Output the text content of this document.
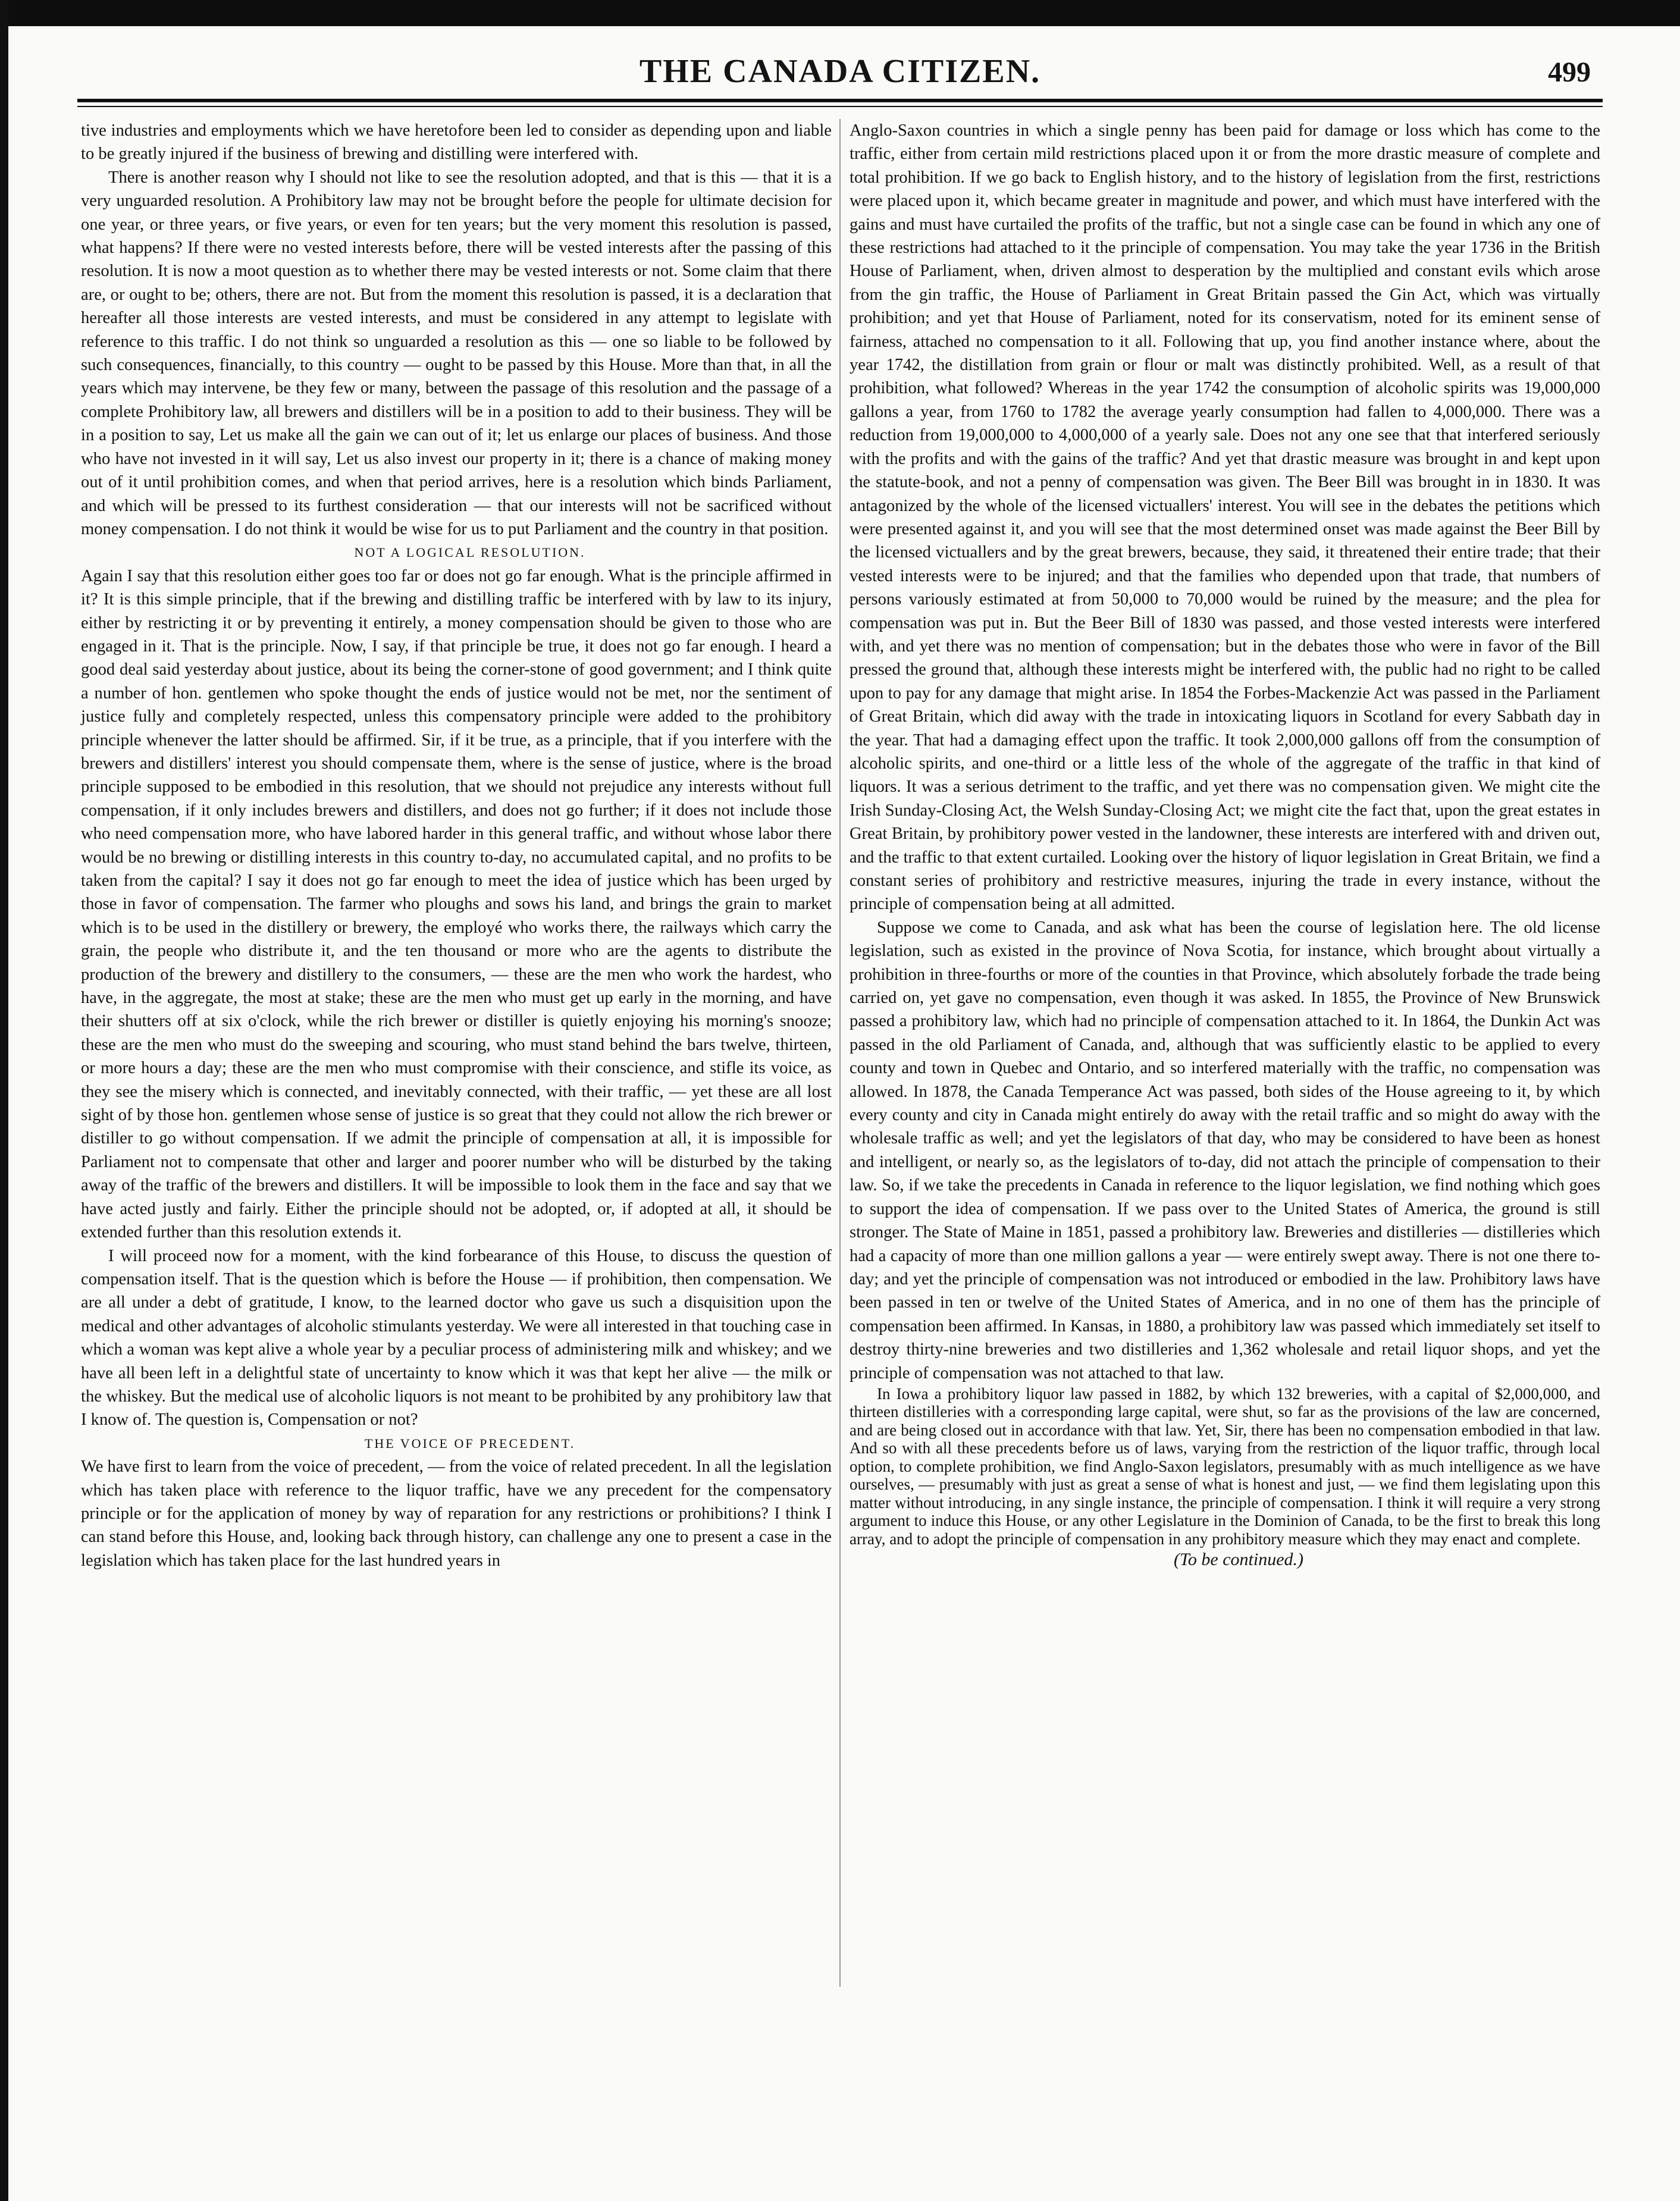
THE CANADA CITIZEN.	499

tive industries and employments which we have heretofore been led to consider as depending upon and liable to be greatly injured if the business of brewing and distilling were interfered with.

There is another reason why I should not like to see the resolution adopted, and that is this — that it is a very unguarded resolution. A Prohibitory law may not be brought before the people for ultimate decision for one year, or three years, or five years, or even for ten years; but the very moment this resolution is passed, what happens? If there were no vested interests before, there will be vested interests after the passing of this resolution. It is now a moot question as to whether there may be vested interests or not. Some claim that there are, or ought to be; others, there are not. But from the moment this resolution is passed, it is a declaration that hereafter all those interests are vested interests, and must be considered in any attempt to legislate with reference to this traffic. I do not think so unguarded a resolution as this — one so liable to be followed by such consequences, financially, to this country — ought to be passed by this House. More than that, in all the years which may intervene, be they few or many, between the passage of this resolution and the passage of a complete Prohibitory law, all brewers and distillers will be in a position to add to their business. They will be in a position to say, Let us make all the gain we can out of it; let us enlarge our places of business. And those who have not invested in it will say, Let us also invest our property in it; there is a chance of making money out of it until prohibition comes, and when that period arrives, here is a resolution which binds Parliament, and which will be pressed to its furthest consideration — that our interests will not be sacrificed without money compensation. I do not think it would be wise for us to put Parliament and the country in that position.

NOT A LOGICAL RESOLUTION.

Again I say that this resolution either goes too far or does not go far enough. What is the principle affirmed in it? It is this simple principle, that if the brewing and distilling traffic be interfered with by law to its injury, either by restricting it or by preventing it entirely, a money compensation should be given to those who are engaged in it. That is the principle. Now, I say, if that principle be true, it does not go far enough. I heard a good deal said yesterday about justice, about its being the corner-stone of good government; and I think quite a number of hon. gentlemen who spoke thought the ends of justice would not be met, nor the sentiment of justice fully and completely respected, unless this compensatory principle were added to the prohibitory principle whenever the latter should be affirmed. Sir, if it be true, as a principle, that if you interfere with the brewers and distillers' interest you should compensate them, where is the sense of justice, where is the broad principle supposed to be embodied in this resolution, that we should not prejudice any interests without full compensation, if it only includes brewers and distillers, and does not go further; if it does not include those who need compensation more, who have labored harder in this general traffic, and without whose labor there would be no brewing or distilling interests in this country to-day, no accumulated capital, and no profits to be taken from the capital? I say it does not go far enough to meet the idea of justice which has been urged by those in favor of compensation. The farmer who ploughs and sows his land, and brings the grain to market which is to be used in the distillery or brewery, the employé who works there, the railways which carry the grain, the people who distribute it, and the ten thousand or more who are the agents to distribute the production of the brewery and distillery to the consumers, — these are the men who work the hardest, who have, in the aggregate, the most at stake; these are the men who must get up early in the morning, and have their shutters off at six o'clock, while the rich brewer or distiller is quietly enjoying his morning's snooze; these are the men who must do the sweeping and scouring, who must stand behind the bars twelve, thirteen, or more hours a day; these are the men who must compromise with their conscience, and stifle its voice, as they see the misery which is connected, and inevitably connected, with their traffic, — yet these are all lost sight of by those hon. gentlemen whose sense of justice is so great that they could not allow the rich brewer or distiller to go without compensation. If we admit the principle of compensation at all, it is impossible for Parliament not to compensate that other and larger and poorer number who will be disturbed by the taking away of the traffic of the brewers and distillers. It will be impossible to look them in the face and say that we have acted justly and fairly. Either the principle should not be adopted, or, if adopted at all, it should be extended further than this resolution extends it.

I will proceed now for a moment, with the kind forbearance of this House, to discuss the question of compensation itself. That is the question which is before the House — if prohibition, then compensation. We are all under a debt of gratitude, I know, to the learned doctor who gave us such a disquisition upon the medical and other advantages of alcoholic stimulants yesterday. We were all interested in that touching case in which a woman was kept alive a whole year by a peculiar process of administering milk and whiskey; and we have all been left in a delightful state of uncertainty to know which it was that kept her alive — the milk or the whiskey. But the medical use of alcoholic liquors is not meant to be prohibited by any prohibitory law that I know of. The question is, Compensation or not?

THE VOICE OF PRECEDENT.

We have first to learn from the voice of precedent, — from the voice of related precedent. In all the legislation which has taken place with reference to the liquor traffic, have we any precedent for the compensatory principle or for the application of money by way of reparation for any restrictions or prohibitions? I think I can stand before this House, and, looking back through history, can challenge any one to present a case in the legislation which has taken place for the last hundred years in

Anglo-Saxon countries in which a single penny has been paid for damage or loss which has come to the traffic, either from certain mild restrictions placed upon it or from the more drastic measure of complete and total prohibition. If we go back to English history, and to the history of legislation from the first, restrictions were placed upon it, which became greater in magnitude and power, and which must have interfered with the gains and must have curtailed the profits of the traffic, but not a single case can be found in which any one of these restrictions had attached to it the principle of compensation. You may take the year 1736 in the British House of Parliament, when, driven almost to desperation by the multiplied and constant evils which arose from the gin traffic, the House of Parliament in Great Britain passed the Gin Act, which was virtually prohibition; and yet that House of Parliament, noted for its conservatism, noted for its eminent sense of fairness, attached no compensation to it all. Following that up, you find another instance where, about the year 1742, the distillation from grain or flour or malt was distinctly prohibited. Well, as a result of that prohibition, what followed? Whereas in the year 1742 the consumption of alcoholic spirits was 19,000,000 gallons a year, from 1760 to 1782 the average yearly consumption had fallen to 4,000,000. There was a reduction from 19,000,000 to 4,000,000 of a yearly sale. Does not any one see that that interfered seriously with the profits and with the gains of the traffic? And yet that drastic measure was brought in and kept upon the statute-book, and not a penny of compensation was given. The Beer Bill was brought in in 1830. It was antagonized by the whole of the licensed victuallers' interest. You will see in the debates the petitions which were presented against it, and you will see that the most determined onset was made against the Beer Bill by the licensed victuallers and by the great brewers, because, they said, it threatened their entire trade; that their vested interests were to be injured; and that the families who depended upon that trade, that numbers of persons variously estimated at from 50,000 to 70,000 would be ruined by the measure; and the plea for compensation was put in. But the Beer Bill of 1830 was passed, and those vested interests were interfered with, and yet there was no mention of compensation; but in the debates those who were in favor of the Bill pressed the ground that, although these interests might be interfered with, the public had no right to be called upon to pay for any damage that might arise. In 1854 the Forbes-Mackenzie Act was passed in the Parliament of Great Britain, which did away with the trade in intoxicating liquors in Scotland for every Sabbath day in the year. That had a damaging effect upon the traffic. It took 2,000,000 gallons off from the consumption of alcoholic spirits, and one-third or a little less of the whole of the aggregate of the traffic in that kind of liquors. It was a serious detriment to the traffic, and yet there was no compensation given. We might cite the Irish Sunday-Closing Act, the Welsh Sunday-Closing Act; we might cite the fact that, upon the great estates in Great Britain, by prohibitory power vested in the landowner, these interests are interfered with and driven out, and the traffic to that extent curtailed. Looking over the history of liquor legislation in Great Britain, we find a constant series of prohibitory and restrictive measures, injuring the trade in every instance, without the principle of compensation being at all admitted.

Suppose we come to Canada, and ask what has been the course of legislation here. The old license legislation, such as existed in the province of Nova Scotia, for instance, which brought about virtually a prohibition in three-fourths or more of the counties in that Province, which absolutely forbade the trade being carried on, yet gave no compensation, even though it was asked. In 1855, the Province of New Brunswick passed a prohibitory law, which had no principle of compensation attached to it. In 1864, the Dunkin Act was passed in the old Parliament of Canada, and, although that was sufficiently elastic to be applied to every county and town in Quebec and Ontario, and so interfered materially with the traffic, no compensation was allowed. In 1878, the Canada Temperance Act was passed, both sides of the House agreeing to it, by which every county and city in Canada might entirely do away with the retail traffic and so might do away with the wholesale traffic as well; and yet the legislators of that day, who may be considered to have been as honest and intelligent, or nearly so, as the legislators of to-day, did not attach the principle of compensation to their law. So, if we take the precedents in Canada in reference to the liquor legislation, we find nothing which goes to support the idea of compensation. If we pass over to the United States of America, the ground is still stronger. The State of Maine in 1851, passed a prohibitory law. Breweries and distilleries — distilleries which had a capacity of more than one million gallons a year — were entirely swept away. There is not one there to-day; and yet the principle of compensation was not introduced or embodied in the law. Prohibitory laws have been passed in ten or twelve of the United States of America, and in no one of them has the principle of compensation been affirmed. In Kansas, in 1880, a prohibitory law was passed which immediately set itself to destroy thirty-nine breweries and two distilleries and 1,362 wholesale and retail liquor shops, and yet the principle of compensation was not attached to that law.

In Iowa a prohibitory liquor law passed in 1882, by which 132 breweries, with a capital of $2,000,000, and thirteen distilleries with a corresponding large capital, were shut, so far as the provisions of the law are concerned, and are being closed out in accordance with that law. Yet, Sir, there has been no compensation embodied in that law. And so with all these precedents before us of laws, varying from the restriction of the liquor traffic, through local option, to complete prohibition, we find Anglo-Saxon legislators, presumably with as much intelligence as we have ourselves, — presumably with just as great a sense of what is honest and just, — we find them legislating upon this matter without introducing, in any single instance, the principle of compensation. I think it will require a very strong argument to induce this House, or any other Legislature in the Dominion of Canada, to be the first to break this long array, and to adopt the principle of compensation in any prohibitory measure which they may enact and complete.

(To be continued.)
